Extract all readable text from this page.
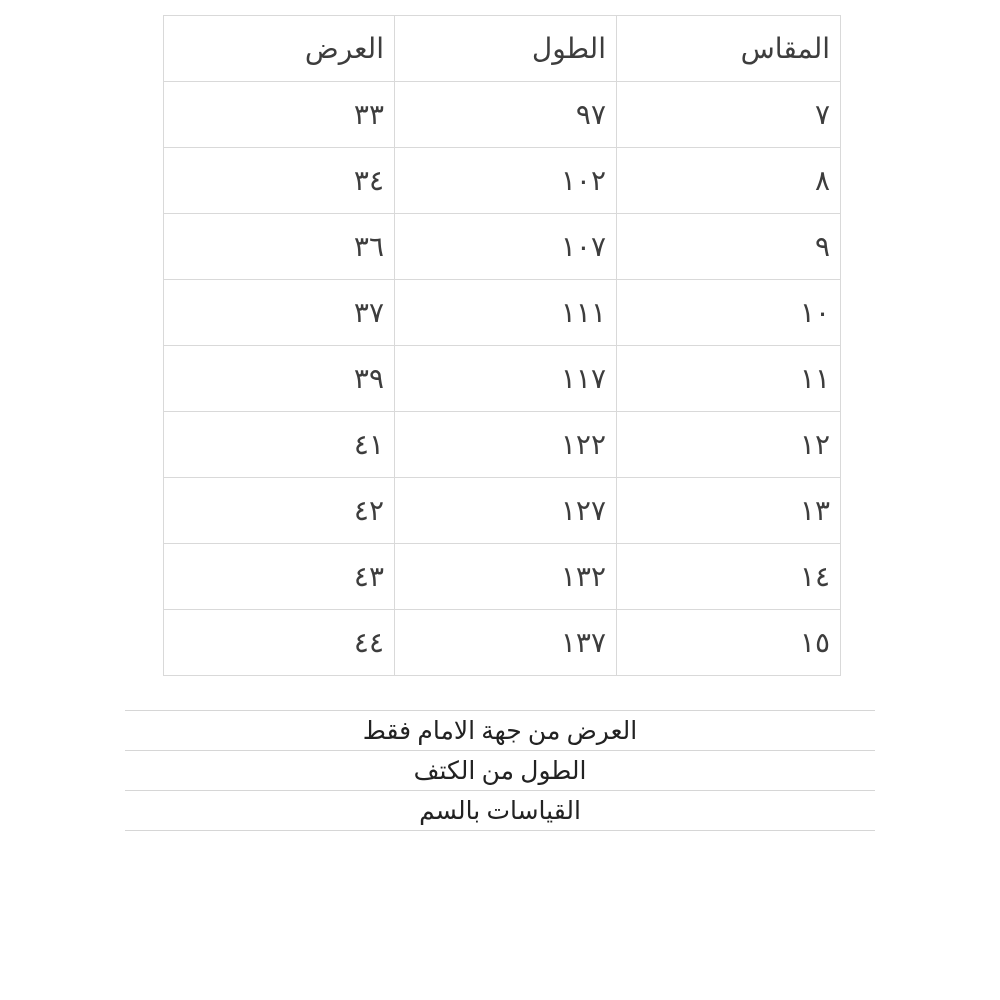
المقاس	الطول	العرض
٧	٩٧	٣٣
٨	١٠٢	٣٤
٩	١٠٧	٣٦
١٠	١١١	٣٧
١١	١١٧	٣٩
١٢	١٢٢	٤١
١٣	١٢٧	٤٢
١٤	١٣٢	٤٣
١٥	١٣٧	٤٤
العرض من جهة الامام فقط
الطول من الكتف
القياسات بالسم
